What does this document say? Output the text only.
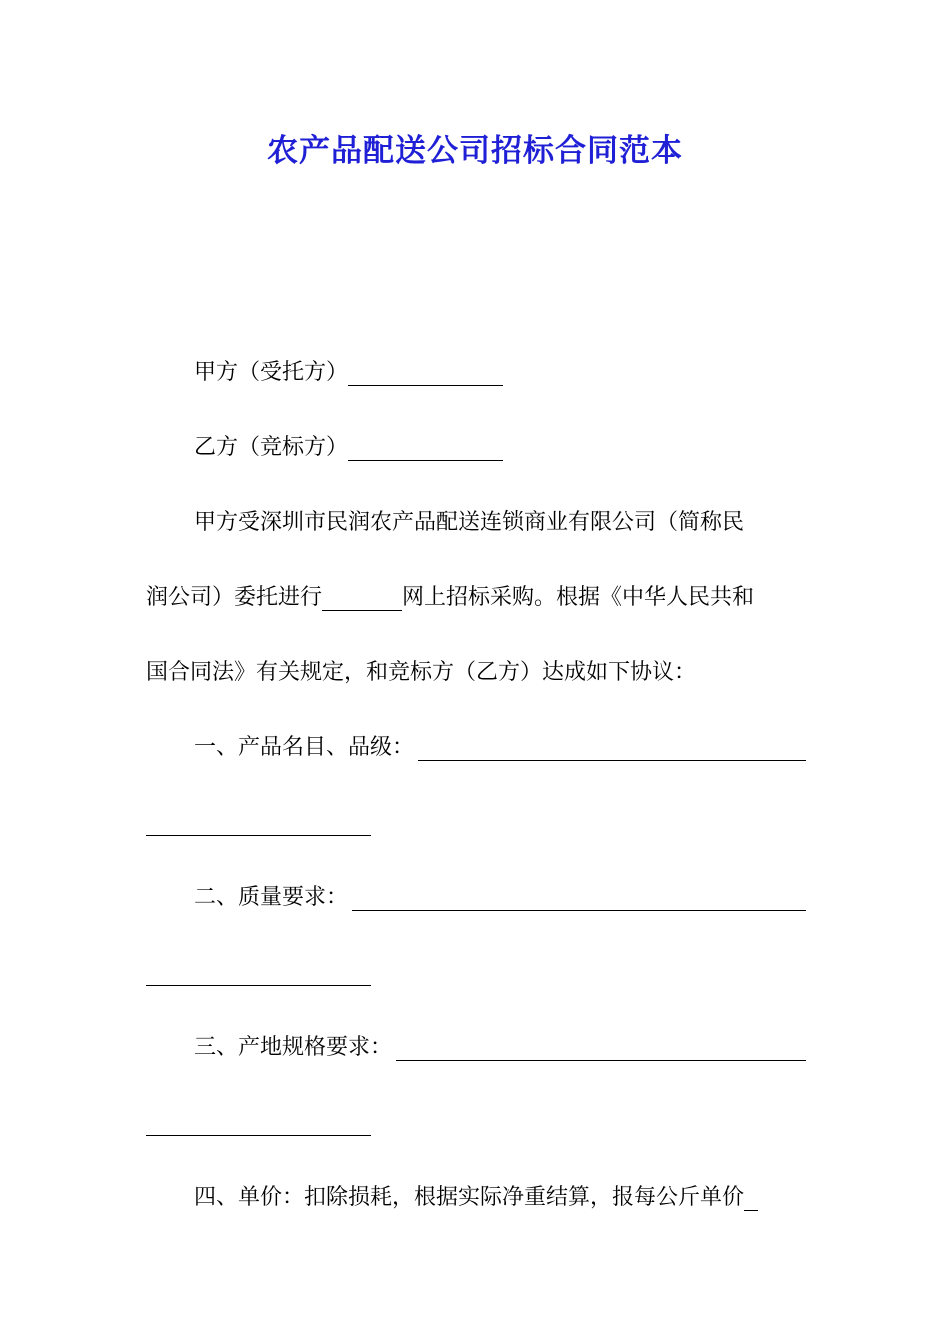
农产品配送公司招标合同范本
甲方（受托方）
乙方（竞标方）
甲方受深圳市民润农产品配送连锁商业有限公司（简称民
润公司）委托进行	网上招标采购。根据《中华人民共和
国合同法》有关规定，和竞标方（乙方）达成如下协议：
一、产品名目、品级：
二、质量要求：
三、产地规格要求：
四、单价：扣除损耗，根据实际净重结算，报每公斤单价
